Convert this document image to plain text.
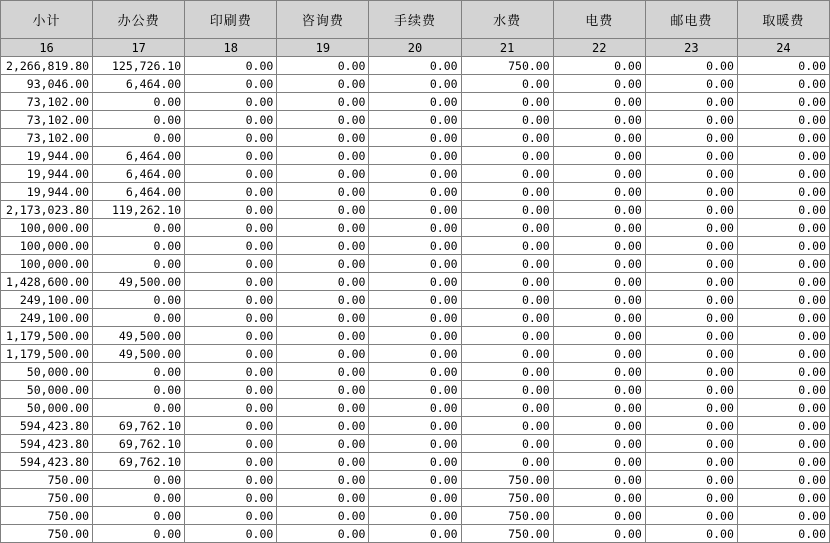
小计	办公费	印刷费	咨询费	手续费	水费	电费	邮电费	取暖费
16	17	18	19	20	21	22	23	24
2,266,819.80	125,726.10	0.00	0.00	0.00	750.00	0.00	0.00	0.00
93,046.00	6,464.00	0.00	0.00	0.00	0.00	0.00	0.00	0.00
73,102.00	0.00	0.00	0.00	0.00	0.00	0.00	0.00	0.00
73,102.00	0.00	0.00	0.00	0.00	0.00	0.00	0.00	0.00
73,102.00	0.00	0.00	0.00	0.00	0.00	0.00	0.00	0.00
19,944.00	6,464.00	0.00	0.00	0.00	0.00	0.00	0.00	0.00
19,944.00	6,464.00	0.00	0.00	0.00	0.00	0.00	0.00	0.00
19,944.00	6,464.00	0.00	0.00	0.00	0.00	0.00	0.00	0.00
2,173,023.80	119,262.10	0.00	0.00	0.00	0.00	0.00	0.00	0.00
100,000.00	0.00	0.00	0.00	0.00	0.00	0.00	0.00	0.00
100,000.00	0.00	0.00	0.00	0.00	0.00	0.00	0.00	0.00
100,000.00	0.00	0.00	0.00	0.00	0.00	0.00	0.00	0.00
1,428,600.00	49,500.00	0.00	0.00	0.00	0.00	0.00	0.00	0.00
249,100.00	0.00	0.00	0.00	0.00	0.00	0.00	0.00	0.00
249,100.00	0.00	0.00	0.00	0.00	0.00	0.00	0.00	0.00
1,179,500.00	49,500.00	0.00	0.00	0.00	0.00	0.00	0.00	0.00
1,179,500.00	49,500.00	0.00	0.00	0.00	0.00	0.00	0.00	0.00
50,000.00	0.00	0.00	0.00	0.00	0.00	0.00	0.00	0.00
50,000.00	0.00	0.00	0.00	0.00	0.00	0.00	0.00	0.00
50,000.00	0.00	0.00	0.00	0.00	0.00	0.00	0.00	0.00
594,423.80	69,762.10	0.00	0.00	0.00	0.00	0.00	0.00	0.00
594,423.80	69,762.10	0.00	0.00	0.00	0.00	0.00	0.00	0.00
594,423.80	69,762.10	0.00	0.00	0.00	0.00	0.00	0.00	0.00
750.00	0.00	0.00	0.00	0.00	750.00	0.00	0.00	0.00
750.00	0.00	0.00	0.00	0.00	750.00	0.00	0.00	0.00
750.00	0.00	0.00	0.00	0.00	750.00	0.00	0.00	0.00
750.00	0.00	0.00	0.00	0.00	750.00	0.00	0.00	0.00
